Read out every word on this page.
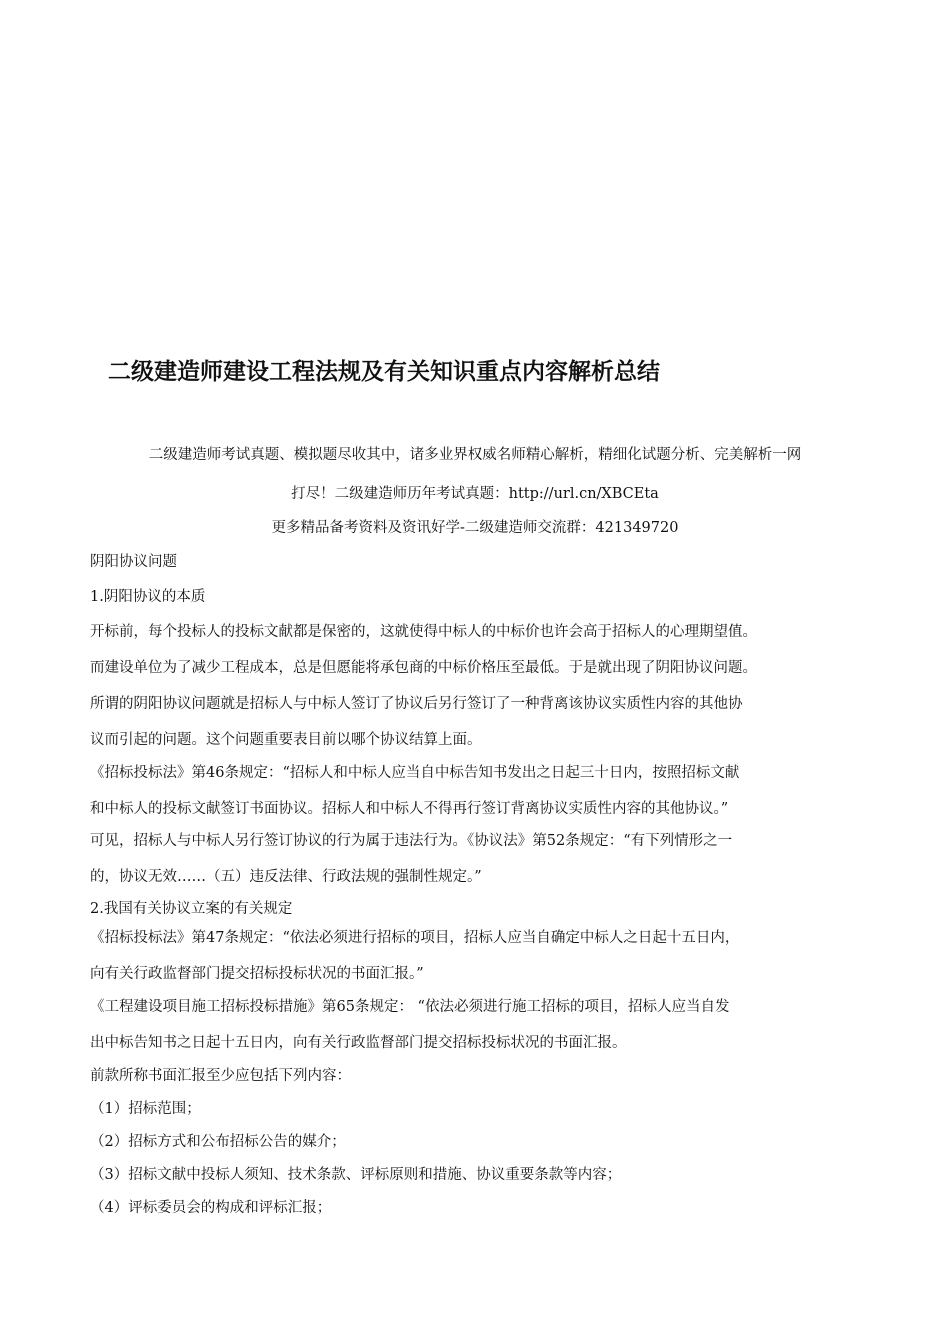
二级建造师建设工程法规及有关知识重点内容解析总结
二级建造师考试真题、模拟题尽收其中，诸多业界权威名师精心解析，精细化试题分析、完美解析一网
打尽！二级建造师历年考试真题：http://url.cn/XBCEta
更多精品备考资料及资讯好学-二级建造师交流群：421349720
阴阳协议问题
1.阴阳协议的本质
开标前，每个投标人的投标文献都是保密的，这就使得中标人的中标价也许会高于招标人的心理期望值。
而建设单位为了减少工程成本，总是但愿能将承包商的中标价格压至最低。于是就出现了阴阳协议问题。
所谓的阴阳协议问题就是招标人与中标人签订了协议后另行签订了一种背离该协议实质性内容的其他协
议而引起的问题。这个问题重要表目前以哪个协议结算上面。
《招标投标法》第46条规定：“招标人和中标人应当自中标告知书发出之日起三十日内，按照招标文献
和中标人的投标文献签订书面协议。招标人和中标人不得再行签订背离协议实质性内容的其他协议。”
可见，招标人与中标人另行签订协议的行为属于违法行为。《协议法》第52条规定：“有下列情形之一
的，协议无效……（五）违反法律、行政法规的强制性规定。”
2.我国有关协议立案的有关规定
《招标投标法》第47条规定：“依法必须进行招标的项目，招标人应当自确定中标人之日起十五日内，
向有关行政监督部门提交招标投标状况的书面汇报。”
《工程建设项目施工招标投标措施》第65条规定： “依法必须进行施工招标的项目，招标人应当自发
出中标告知书之日起十五日内，向有关行政监督部门提交招标投标状况的书面汇报。
前款所称书面汇报至少应包括下列内容：
（1）招标范围；
（2）招标方式和公布招标公告的媒介；
（3）招标文献中投标人须知、技术条款、评标原则和措施、协议重要条款等内容；
（4）评标委员会的构成和评标汇报；
